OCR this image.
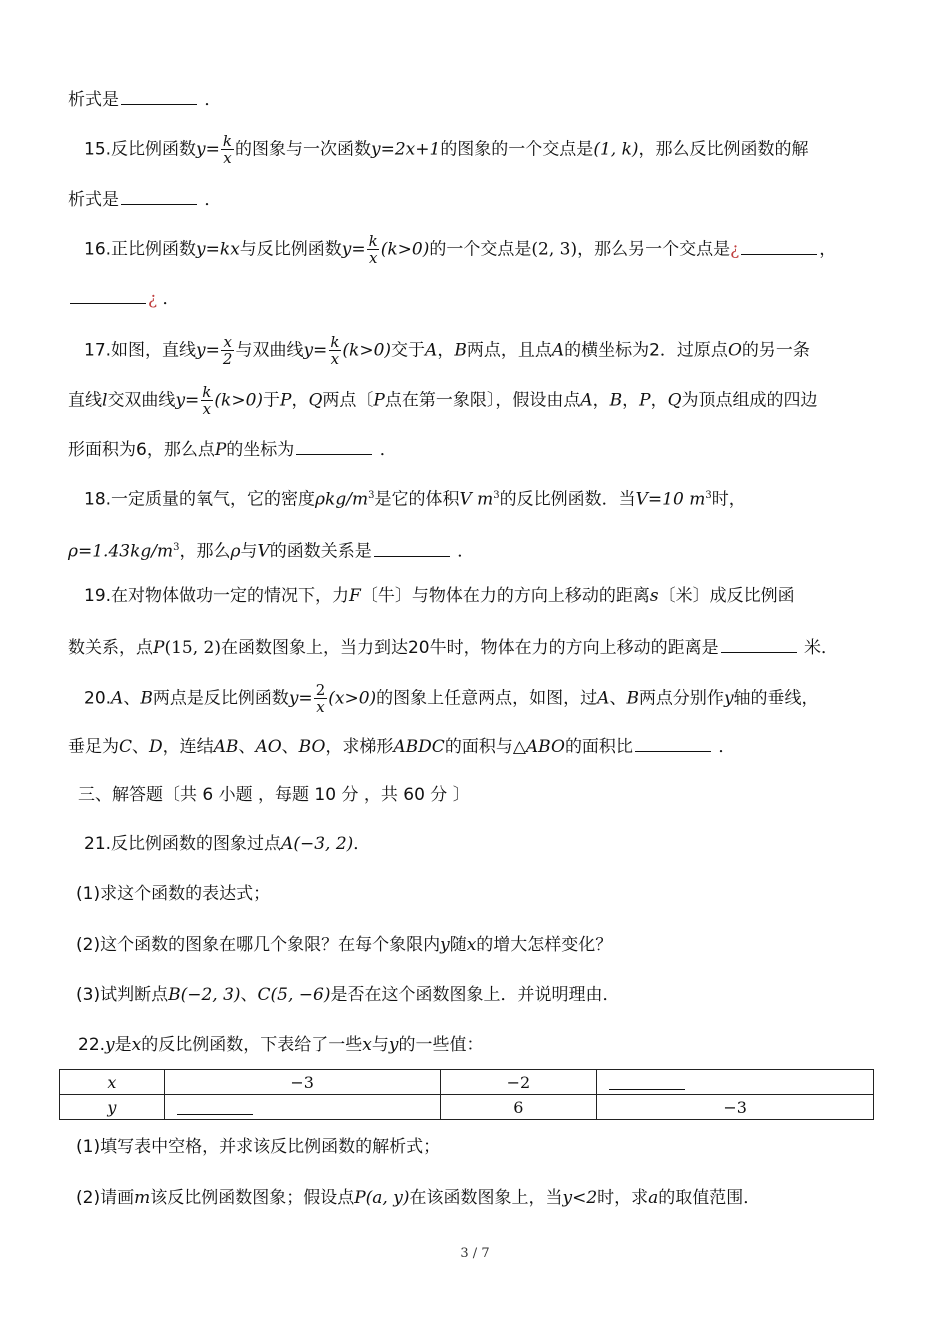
析式是	．
15.反比例函数$y= \frac{k}{x}$ 的图象与一次函数y=2x+1的图象的一个交点是(1, k)，那么反比例函数的解
析式是	．
16.正比例函数y=kx与反比例函数$y= \frac{k}{x} (k>0)$的一个交点是(2, 3)，那么另一个交点是¿	，
¿ ．
17.如图，直线$y= \frac{x}{2}$ 与双曲线$y= \frac{k}{x} (k>0)$交于A，B两点，且点A的横坐标为2．过原点O的另一条
直线l交双曲线$y= \frac{k}{x} (k>0)$于P，Q两点〔P点在第一象限〕，假设由点A，B，P，Q为顶点组成的四边
形面积为6，那么点P的坐标为	．
18.一定质量的氧气，它的密度ρkg/$m^3$是它的体积V $m^3$的反比例函数．当V=10 $m^3$时，
$\rho=1.43kg/m^3$，那么ρ与V的函数关系是	．
19.在对物体做功一定的情况下，力F〔牛〕与物体在力的方向上移动的距离s〔米〕成反比例函
数关系，点P(15, 2)在函数图象上，当力到达20牛时，物体在力的方向上移动的距离是	米．
20.A、B两点是反比例函数$y= \frac{2}{x} (x>0)$的图象上任意两点，如图，过A、B两点分别作y轴的垂线，
垂足为C、D，连结AB、AO、BO，求梯形ABDC的面积与△ABO的面积比	．
三、解答题〔共 6 小题 ，每题 10 分 ，共 60 分 〕
21.反比例函数的图象过点A(−3, 2)．
(1)求这个函数的表达式；
(2)这个函数的图象在哪几个象限？在每个象限内y随x的增大怎样变化？
(3)试判断点B(−2, 3)、C(5, −6)是否在这个函数图象上．并说明理由．
22.y是x的反比例函数，下表给了一些x与y的一些值：
x	−3	−2	
y		6	−3
(1)填写表中空格，并求该反比例函数的解析式；
(2)请画m该反比例函数图象；假设点P(a, y)在该函数图象上，当y<2时，求a的取值范围．
3 / 7
